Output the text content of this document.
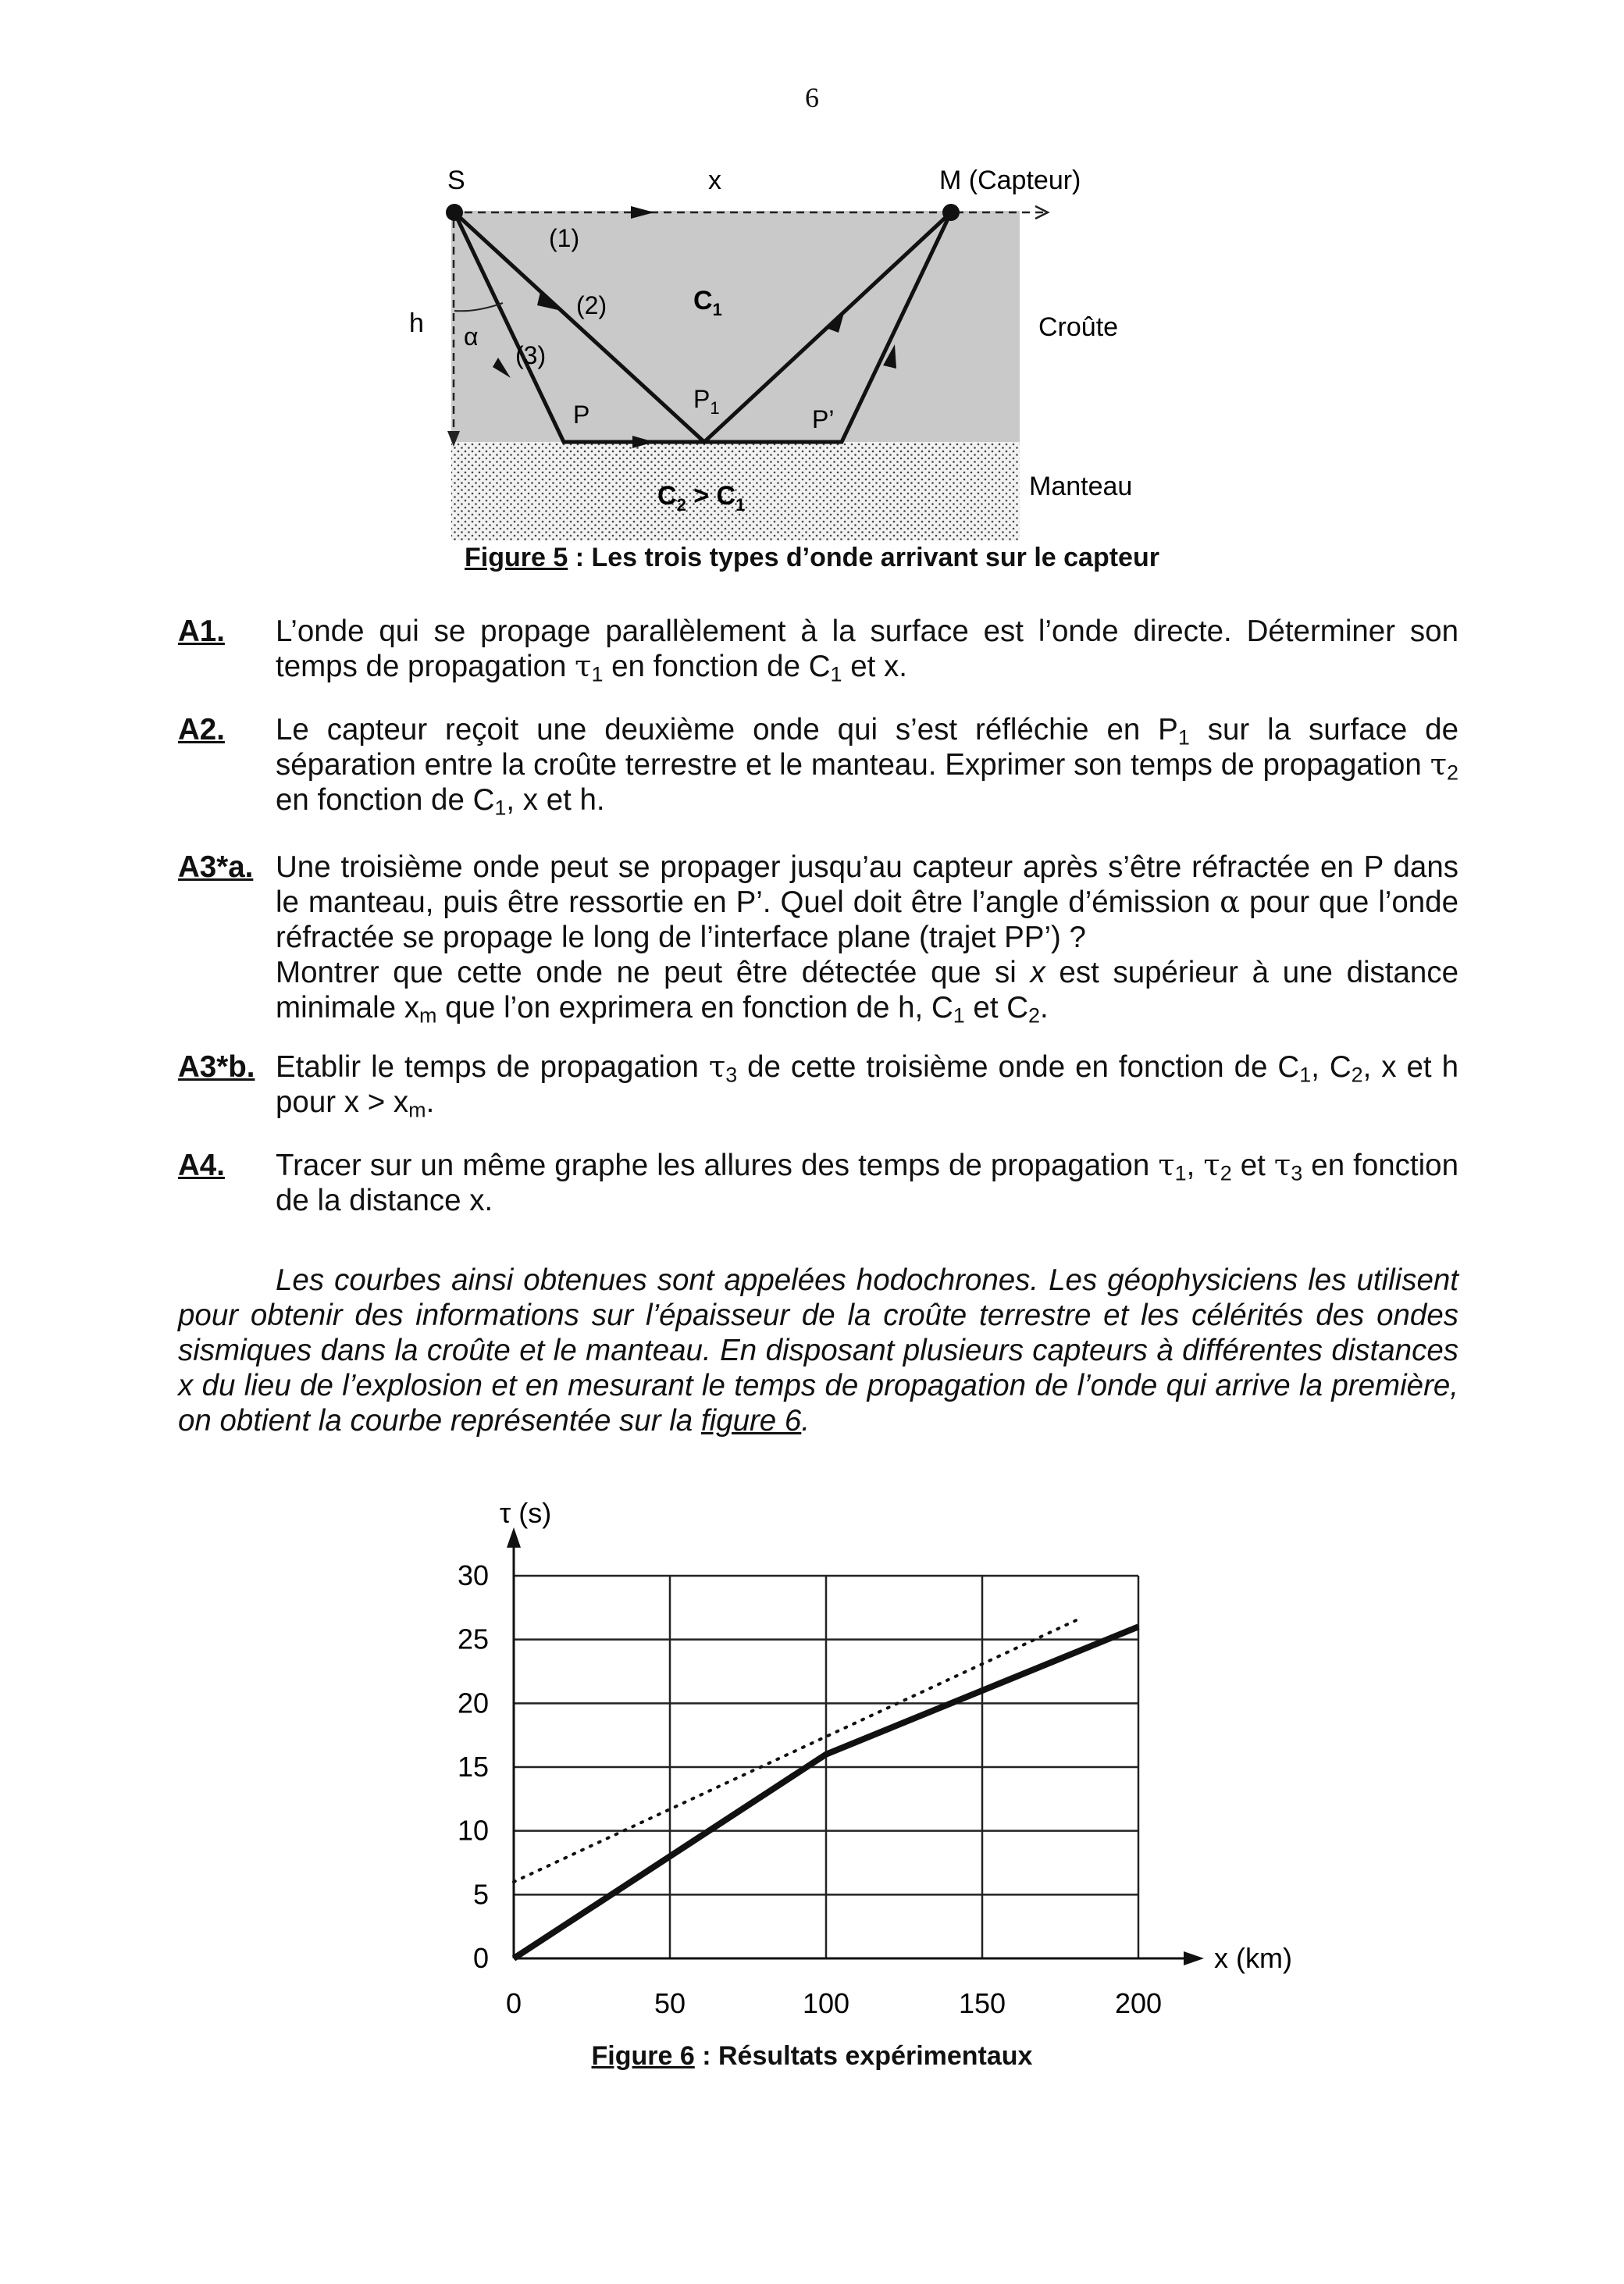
6
S	x	M (Capteur)
h α
(1)
(2)
(3)
$C_1$
P
$P_1$	P’
Croûte
Manteau
$C_2 > C_1$
Figure 5 : Les trois types d’onde arrivant sur le capteur
A1. L’onde qui se propage parallèlement à la surface est l’onde directe. Déterminer son temps de propagation $\tau_1$ en fonction de $C_1$ et x.
A2. Le capteur reçoit une deuxième onde qui s’est réfléchie en $P_1$ sur la surface de séparation entre la croûte terrestre et le manteau. Exprimer son temps de propagation $\tau_2$ en fonction de $C_1$, x et h.
A3*a. Une troisième onde peut se propager jusqu’au capteur après s’être réfractée en P dans le manteau, puis être ressortie en P’. Quel doit être l’angle d’émission α pour que l’onde réfractée se propage le long de l’interface plane (trajet PP’) ?

Montrer que cette onde ne peut être détectée que si x est supérieur à une distance minimale $x_m$ que l’on exprimera en fonction de h, $C_1$ et $C_2$.

A3*b. Etablir le temps de propagation $\tau_3$ de cette troisième onde en fonction de $C_1$, $C_2$, x et h pour $x > x_m$.
A4. Tracer sur un même graphe les allures des temps de propagation $\tau_1$, $\tau_2$ et $\tau_3$ en fonction de la distance x.
Les courbes ainsi obtenues sont appelées hodochrones. Les géophysiciens les utilisent pour obtenir des informations sur l’épaisseur de la croûte terrestre et les célérités des ondes sismiques dans la croûte et le manteau. En disposant plusieurs capteurs à différentes distances x du lieu de l’explosion et en mesurant le temps de propagation de l’onde qui arrive la première, on obtient la courbe représentée sur la figure 6.
0	50	100	150	200
0
5
10
15
20
25
30
τ (s)
x (km)
Figure 6 : Résultats expérimentaux
